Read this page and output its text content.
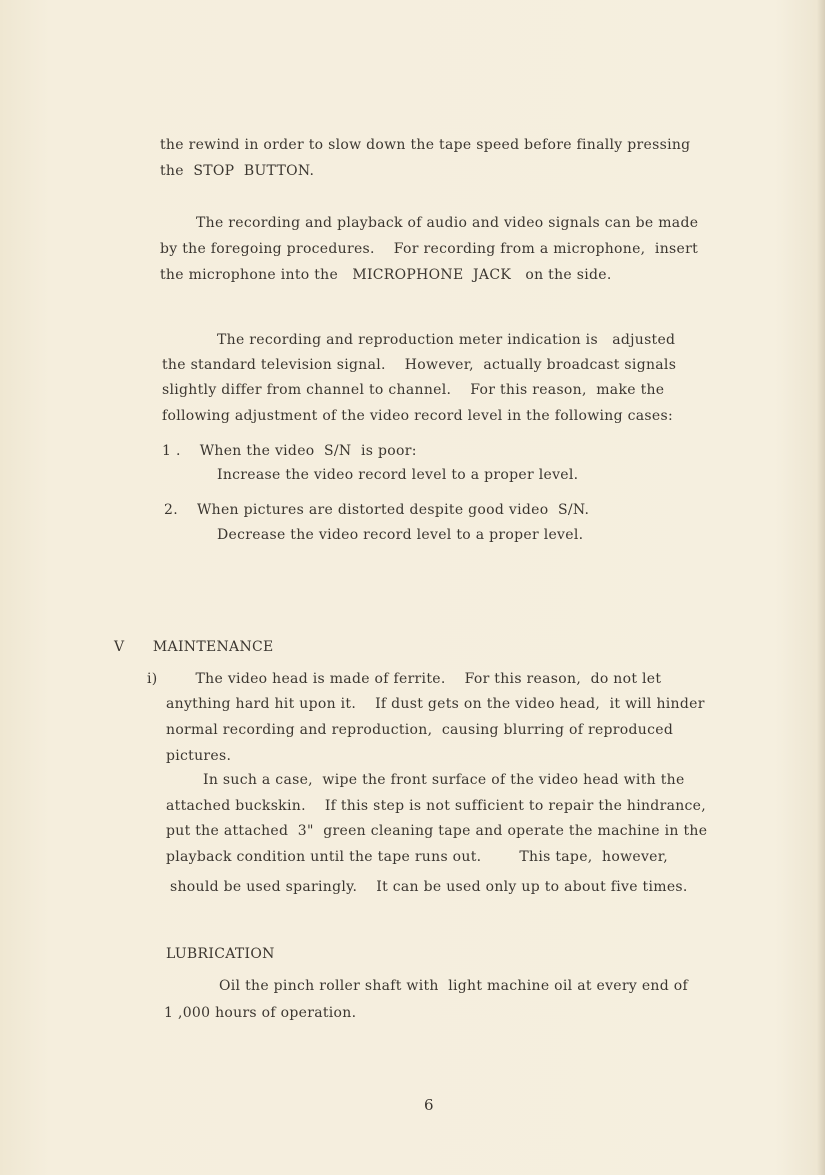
the rewind in order to slow down the tape speed before finally pressing
the  STOP  BUTTON.
The recording and playback of audio and video signals can be made
by the foregoing procedures.    For recording from a microphone,  insert
the microphone into the   MICROPHONE  JACK   on the side.
The recording and reproduction meter indication is   adjusted
the standard television signal.    However,  actually broadcast signals
slightly differ from channel to channel.    For this reason,  make the
following adjustment of the video record level in the following cases:
1 .    When the video  S/N  is poor:
Increase the video record level to a proper level.
2.    When pictures are distorted despite good video  S/N.
Decrease the video record level to a proper level.
V      MAINTENANCE
i)        The video head is made of ferrite.    For this reason,  do not let
anything hard hit upon it.    If dust gets on the video head,  it will hinder
normal recording and reproduction,  causing blurring of reproduced
pictures.
In such a case,  wipe the front surface of the video head with the
attached buckskin.    If this step is not sufficient to repair the hindrance,
put the attached  3"  green cleaning tape and operate the machine in the
playback condition until the tape runs out.        This tape,  however,
should be used sparingly.    It can be used only up to about five times.
LUBRICATION
Oil the pinch roller shaft with  light machine oil at every end of
1 ,000 hours of operation.
6
